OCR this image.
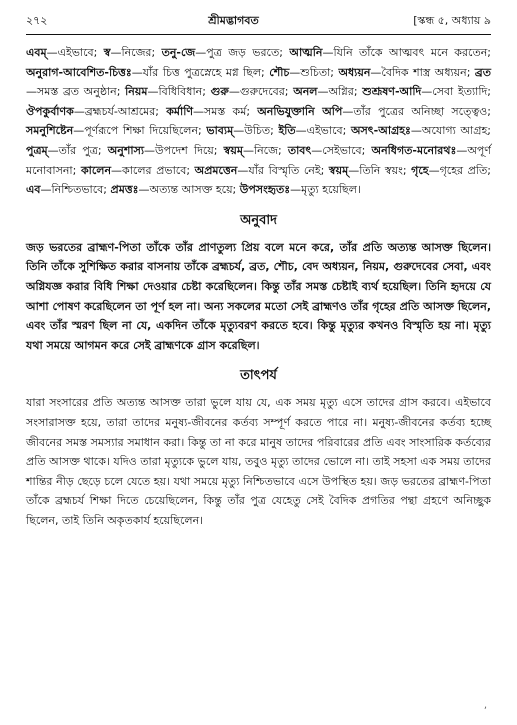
২৭২	শ্রীমদ্ভাগবত	[স্কন্ধ ৫, অধ্যায় ৯
এবম্—এইভাবে; স্ব—নিজের; তনু-জে—পুত্র জড় ভরতে; আত্মনি—যিনি তাঁকে আত্মবৎ মনে করতেন; অনুরাগ-আবেশিত-চিত্তঃ—যাঁর চিত্ত পুত্রস্নেহে মগ্ন ছিল; শৌচ—শুচিতা; অধ্যয়ন—বৈদিক শাস্ত্র অধ্যয়ন; ব্রত—সমস্ত ব্রত অনুষ্ঠান; নিয়ম—বিধিবিধান; গুরু—গুরুদেবের; অনল—অগ্নির; শুশ্রূষণ-আদি—সেবা ইত্যাদি; ঔপকুর্বাণক—ব্রহ্মচর্য-আশ্রমের; কর্মাণি—সমস্ত কর্ম; অনভিযুক্তানি অপি—তাঁর পুত্রের অনিচ্ছা সত্ত্বেও; সমনুশিষ্টেন—পূর্ণরূপে শিক্ষা দিয়েছিলেন; ভাব্যম্—উচিত; ইতি—এইভাবে; অসৎ-আগ্রহঃ—অযোগ্য আগ্রহ; পুত্রম্—তাঁর পুত্র; অনুশাস্য—উপদেশ দিয়ে; স্বয়ম্—নিজে; তাবৎ—সেইভাবে; অনধিগত-মনোরথঃ—অপূর্ণ মনোবাসনা; কালেন—কালের প্রভাবে; অপ্রমত্তেন—যাঁর বিস্মৃতি নেই; স্বয়ম্—তিনি স্বয়ং; গৃহে—গৃহের প্রতি; এব—নিশ্চিতভাবে; প্রমত্তঃ—অত্যন্ত আসক্ত হয়ে; উপসংহৃতঃ—মৃত্যু হয়েছিল।
অনুবাদ
জড় ভরতের ব্রাহ্মণ-পিতা তাঁকে তাঁর প্রাণতুল্য প্রিয় বলে মনে করে, তাঁর প্রতি অত্যন্ত আসক্ত ছিলেন। তিনি তাঁকে সুশিক্ষিত করার বাসনায় তাঁকে ব্রহ্মচর্য, ব্রত, শৌচ, বেদ অধ্যয়ন, নিয়ম, গুরুদেবের সেবা, এবং অগ্নিযজ্ঞ করার বিধি শিক্ষা দেওয়ার চেষ্টা করেছিলেন। কিন্তু তাঁর সমস্ত চেষ্টাই ব্যর্থ হয়েছিল। তিনি হৃদয়ে যে আশা পোষণ করেছিলেন তা পূর্ণ হল না। অন্য সকলের মতো সেই ব্রাহ্মণও তাঁর গৃহের প্রতি আসক্ত ছিলেন, এবং তাঁর স্মরণ ছিল না যে, একদিন তাঁকে মৃত্যুবরণ করতে হবে। কিন্তু মৃত্যুর কখনও বিস্মৃতি হয় না। মৃত্যু যথা সময়ে আগমন করে সেই ব্রাহ্মণকে গ্রাস করেছিল।
তাৎপর্য
যারা সংসারের প্রতি অত্যন্ত আসক্ত তারা ভুলে যায় যে, এক সময় মৃত্যু এসে তাদের গ্রাস করবে। এইভাবে সংসারাসক্ত হয়ে, তারা তাদের মনুষ্য-জীবনের কর্তব্য সম্পূর্ণ করতে পারে না। মনুষ্য-জীবনের কর্তব্য হচ্ছে জীবনের সমস্ত সমস্যার সমাধান করা। কিন্তু তা না করে মানুষ তাদের পরিবারের প্রতি এবং সাংসারিক কর্তব্যের প্রতি আসক্ত থাকে। যদিও তারা মৃত্যুকে ভুলে যায়, তবুও মৃত্যু তাদের ভোলে না। তাই সহসা এক সময় তাদের শান্তির নীড় ছেড়ে চলে যেতে হয়। যথা সময়ে মৃত্যু নিশ্চিতভাবে এসে উপস্থিত হয়। জড় ভরতের ব্রাহ্মণ-পিতা তাঁকে ব্রহ্মচর্য শিক্ষা দিতে চেয়েছিলেন, কিন্তু তাঁর পুত্র যেহেতু সেই বৈদিক প্রগতির পন্থা গ্রহণে অনিচ্ছুক ছিলেন, তাই তিনি অকৃতকার্য হয়েছিলেন।
,
